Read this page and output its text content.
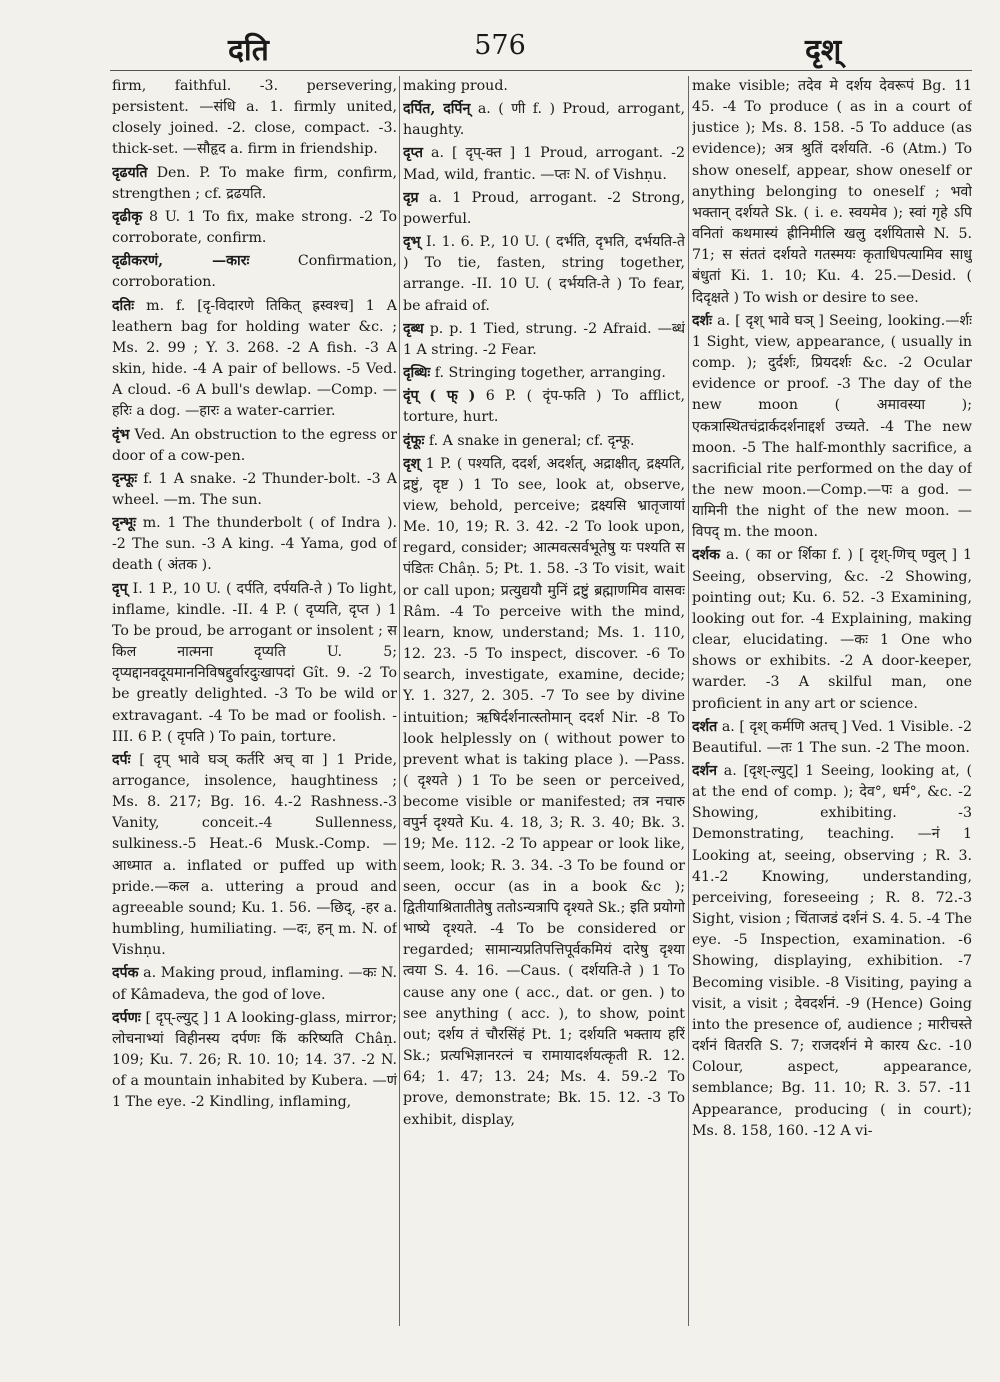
दति	576	दृश्
firm, faithful. -3. persevering, persistent. —संधि a. 1. firmly united, closely joined. -2. close, compact. -3. thick-set. —सौहृद a. firm in friendship.
दृढयति Den. P. To make firm, confirm, strengthen ; cf. द्रढयति.
दृढीकृ 8 U. 1 To fix, make strong. -2 To corroborate, confirm.
दृढीकरणं, —कारः	Confirmation, corroboration.
दतिः m. f. [दृ-विदारणे तिकित् ह्रस्वश्च] 1 A leathern bag for holding water &c. ; Ms. 2. 99 ; Y. 3. 268. -2 A fish. -3 A skin, hide. -4 A pair of bellows. -5 Ved. A cloud. -6 A bull's dewlap. —Comp. —हरिः a dog. —हारः a water-carrier.
दृंभ Ved. An obstruction to the egress or door of a cow-pen.
दृन्फूः f. 1 A snake. -2 Thunder-bolt. -3 A wheel. —m. The sun.
दृन्भूः m. 1 The thunderbolt ( of Indra ). -2 The sun. -3 A king. -4 Yama, god of death ( अंतक ).
दृप् I. 1 P., 10 U. ( दर्पति, दर्पयति-ते ) To light, inflame, kindle. -II. 4 P. ( दृप्यति, दृप्त ) 1 To be proud, be arrogant or insolent ; स किल नात्मना दृप्यति U. 5; दृप्यद्दानवदूयमाननिविषद्दुर्वारदुःखापदां Gît. 9. -2 To be greatly delighted. -3 To be wild or extravagant. -4 To be mad or foolish. -III. 6 P. ( दृपति ) To pain, torture.
दर्पः [ दृप् भावे घञ् कर्तरि अच् वा ] 1 Pride, arrogance, insolence, haughtiness ; Ms. 8. 217; Bg. 16. 4.-2 Rashness.-3 Vanity, conceit.-4 Sullenness, sulkiness.-5 Heat.-6 Musk.-Comp. —आध्मात a. inflated or puffed up with pride.—कल a. uttering a proud and agreeable sound; Ku. 1. 56. —छिद्, -हर a. humbling, humiliating. —दः, हन् m. N. of Vishṇu.
दर्पक a. Making proud, inflaming. —कः N. of Kâmadeva, the god of love.
दर्पणः [ दृप्-ल्युट् ] 1 A looking-glass, mirror; लोचनाभ्यां विहीनस्य दर्पणः किं करिष्यति Châṇ. 109; Ku. 7. 26; R. 10. 10; 14. 37. -2 N. of a mountain inhabited by Kubera. —णं 1 The eye. -2 Kindling, inflaming,
making proud.
दर्पित, दर्पिन् a. ( णी f. ) Proud, arrogant, haughty.
दृप्त a. [ दृप्-क्त ] 1 Proud, arrogant. -2 Mad, wild, frantic. —प्तः N. of Vishṇu.
दृप्र a. 1 Proud, arrogant. -2 Strong, powerful.
दृभ् I. 1. 6. P., 10 U. ( दर्भति, दृभति, दर्भयति-ते ) To tie, fasten, string together, arrange. -II. 10 U. ( दर्भयति-ते ) To fear, be afraid of.
दृब्ध p. p. 1 Tied, strung. -2 Afraid. —ब्धं 1 A string. -2 Fear.
दृब्धिः f. Stringing together, arranging.
दृंप् ( फ् ) 6 P. ( दृंप-फति ) To afflict, torture, hurt.
दृंफूः f. A snake in general; cf. दृन्फू.
दृश् 1 P. ( पश्यति, ददर्श, अदर्शत्, अद्राक्षीत्, द्रक्ष्यति, द्रष्टुं, दृष्ट ) 1 To see, look at, observe, view, behold, perceive; द्रक्ष्यसि भ्रातृजायां Me. 10, 19; R. 3. 42. -2 To look upon, regard, consider; आत्मवत्सर्वभूतेषु यः पश्यति स पंडितः Châṇ. 5; Pt. 1. 58. -3 To visit, wait or call upon; प्रत्युद्ययौ मुनिं द्रष्टुं ब्रह्माणमिव वासवः Râm. -4 To perceive with the mind, learn, know, understand; Ms. 1. 110, 12. 23. -5 To inspect, discover. -6 To search, investigate, examine, decide; Y. 1. 327, 2. 305. -7 To see by divine intuition; ऋषिर्दर्शनात्स्तोमान् ददर्श Nir. -8 To look helplessly on ( without power to prevent what is taking place ). —Pass. ( दृश्यते ) 1 To be seen or perceived, become visible or manifested; तत्र नचारु वपुर्न दृश्यते Ku. 4. 18, 3; R. 3. 40; Bk. 3. 19; Me. 112. -2 To appear or look like, seem, look; R. 3. 34. -3 To be found or seen, occur (as in a book &c ); द्वितीयाश्रितातीतेषु ततोऽन्यत्रापि दृश्यते Sk.; इति प्रयोगो भाष्ये दृश्यते. -4 To be considered or regarded; सामान्यप्रतिपत्तिपूर्वकमियं दारेषु दृश्या त्वया S. 4. 16. —Caus. ( दर्शयति-ते ) 1 To cause any one ( acc., dat. or gen. ) to see anything ( acc. ), to show, point out; दर्शय तं चौरसिंहं Pt. 1; दर्शयति भक्ताय हरिं Sk.; प्रत्यभिज्ञानरत्नं च रामायादर्शयत्कृती R. 12. 64; 1. 47; 13. 24; Ms. 4. 59.-2 To prove, demonstrate; Bk. 15. 12. -3 To exhibit, display,
make visible; तदेव मे दर्शय देवरूपं Bg. 11 45. -4 To produce ( as in a court of justice ); Ms. 8. 158. -5 To adduce (as evidence); अत्र श्रुतिं दर्शयति. -6 (Atm.) To show oneself, appear, show oneself or anything belonging to oneself ; भवो भक्तान् दर्शयते Sk. ( i. e. स्वयमेव ); स्वां गृहे ऽपि वनितां कथमास्यं ह्रीनिमीलि खलु दर्शयितासे N. 5. 71; स संततं दर्शयते गतस्मयः कृताधिपत्यामिव साधु बंधुतां Ki. 1. 10; Ku. 4. 25.—Desid. ( दिदृक्षते ) To wish or desire to see.
दर्शः a. [ दृश् भावे घञ् ] Seeing, looking.—र्शः 1 Sight, view, appearance, ( usually in comp. ); दुर्दर्शः, प्रियदर्शः &c. -2 Ocular evidence or proof. -3 The day of the new moon ( अमावस्या ); एकत्रास्थितचंद्रार्कदर्शनाद्दर्श उच्यते. -4 The new moon. -5 The half-monthly sacrifice, a sacrificial rite performed on the day of the new moon.—Comp.—पः a god. —यामिनी the night of the new moon. —विपद् m. the moon.
दर्शक a. ( का or र्शिका f. ) [ दृश्-णिच् ण्वुल् ] 1 Seeing, observing, &c. -2 Showing, pointing out; Ku. 6. 52. -3 Examining, looking out for. -4 Explaining, making clear, elucidating. —कः 1 One who shows or exhibits. -2 A door-keeper, warder. -3 A skilful man, one proficient in any art or science.
दर्शत a. [ दृश् कर्मणि अतच् ] Ved. 1 Visible. -2 Beautiful. —तः 1 The sun. -2 The moon.
दर्शन a. [दृश्-ल्युट्] 1 Seeing, looking at, ( at the end of comp. ); देव°, धर्म°, &c. -2 Showing, exhibiting. -3 Demonstrating, teaching. —नं 1 Looking at, seeing, observing ; R. 3. 41.-2 Knowing, understanding, perceiving, foreseeing ; R. 8. 72.-3 Sight, vision ; चिंताजडं दर्शनं S. 4. 5. -4 The eye. -5 Inspection, examination. -6 Showing, displaying, exhibition. -7 Becoming visible. -8 Visiting, paying a visit, a visit ; देवदर्शनं. -9 (Hence) Going into the presence of, audience ; मारीचस्ते दर्शनं वितरति S. 7; राजदर्शनं मे कारय &c. -10 Colour, aspect, appearance, semblance; Bg. 11. 10; R. 3. 57. -11 Appearance, producing ( in court); Ms. 8. 158, 160. -12 A vi-
